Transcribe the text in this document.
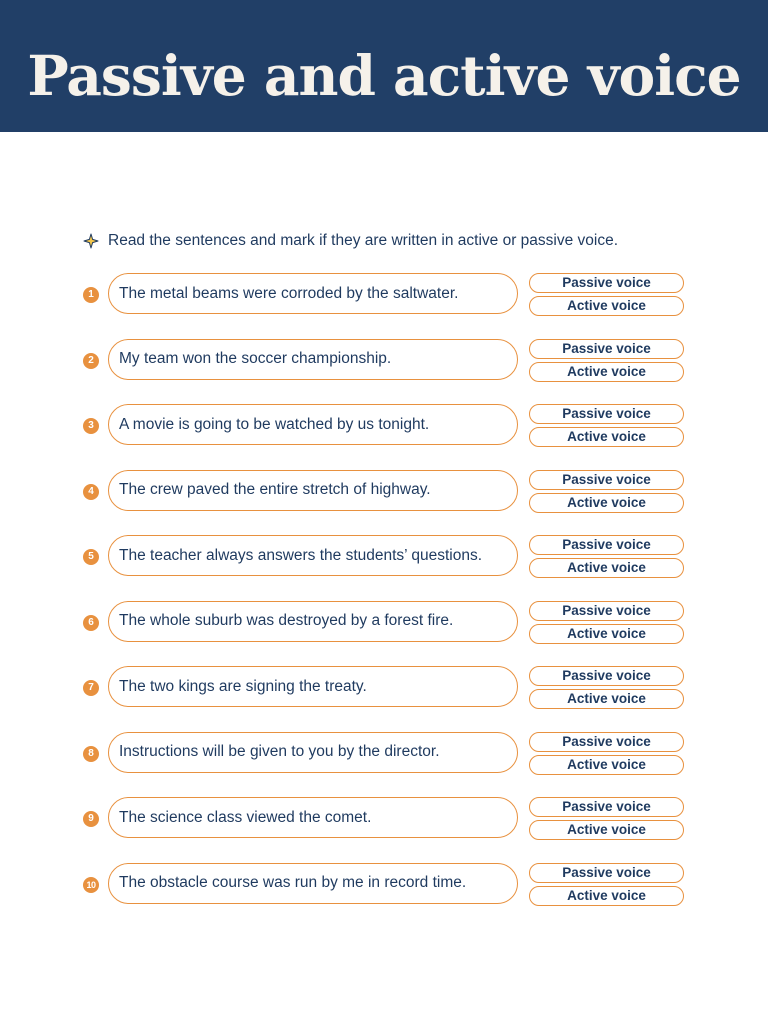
Passive and active voice
Read the sentences and mark if they are written in active or passive voice.
1	The metal beams were corroded by the saltwater.
Passive voice
Active voice
2	My team won the soccer championship.
Passive voice
Active voice
3	A movie is going to be watched by us tonight.
Passive voice
Active voice
4	The crew paved the entire stretch of highway.
Passive voice
Active voice
5	The teacher always answers the students’ questions.
Passive voice
Active voice
6	The whole suburb was destroyed by a forest fire.
Passive voice
Active voice
7	The two kings are signing the treaty.
Passive voice
Active voice
8	Instructions will be given to you by the director.
Passive voice
Active voice
9	The science class viewed the comet.
Passive voice
Active voice
10	The obstacle course was run by me in record time.
Passive voice
Active voice
